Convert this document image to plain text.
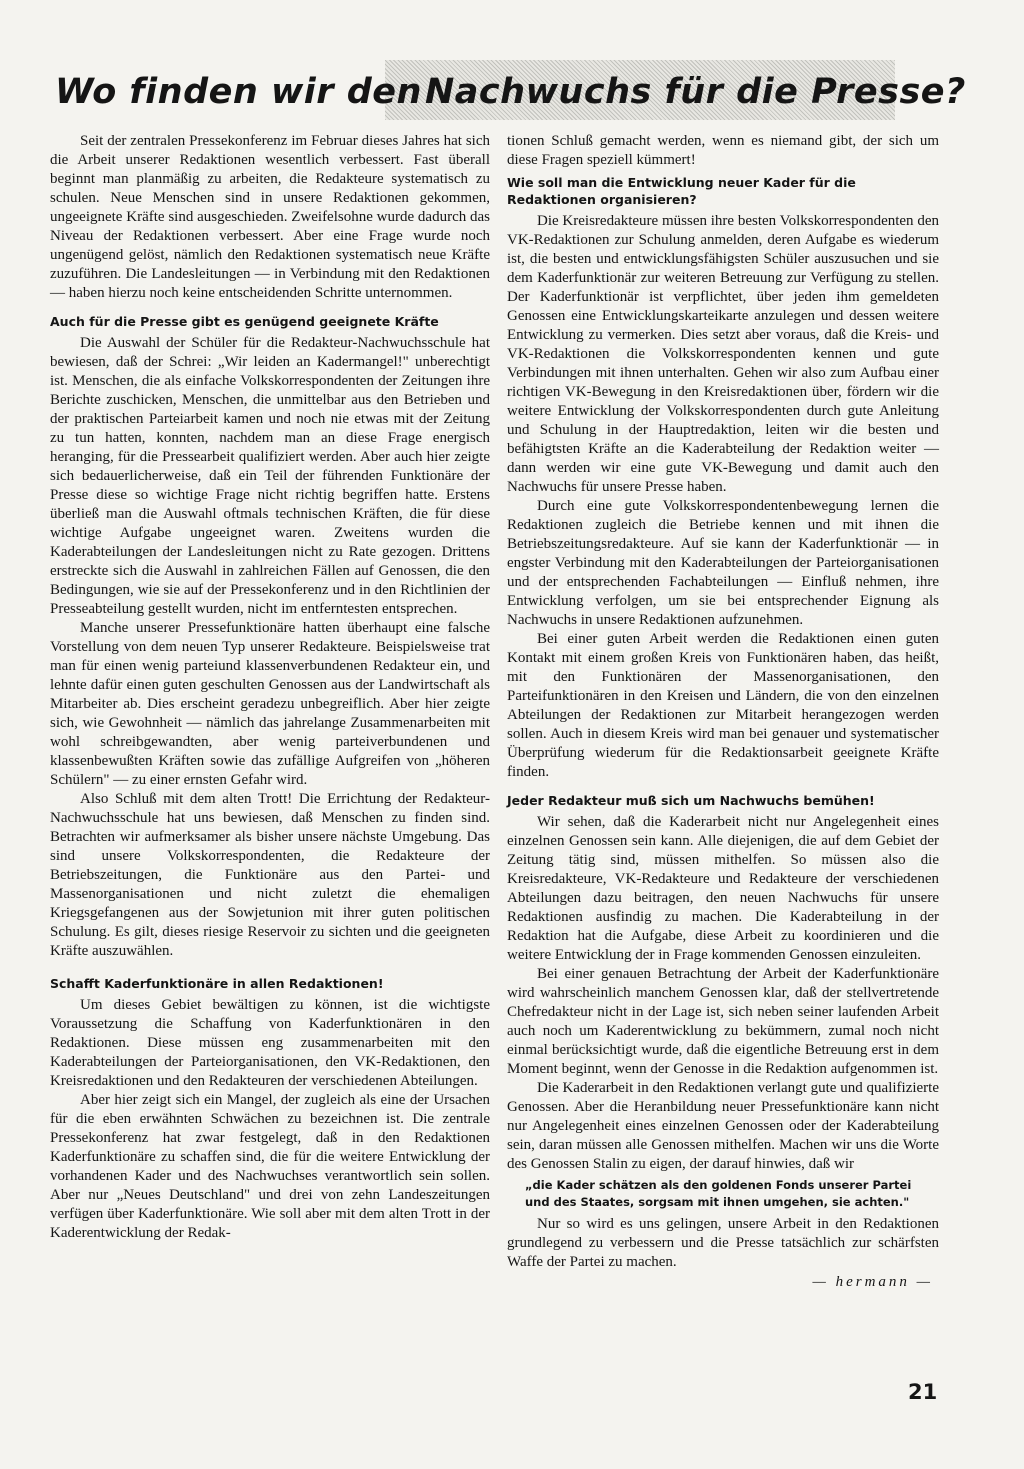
Wo finden wir den Nachwuchs für die Presse?

Seit der zentralen Pressekonferenz im Februar dieses Jahres hat sich die Arbeit unserer Redaktionen wesentlich verbessert. Fast überall beginnt man planmäßig zu arbeiten, die Redakteure systematisch zu schulen. Neue Menschen sind in unsere Redaktionen gekommen, ungeeignete Kräfte sind ausgeschieden. Zweifelsohne wurde dadurch das Niveau der Redaktionen verbessert. Aber eine Frage wurde noch ungenügend gelöst, nämlich den Redaktionen systematisch neue Kräfte zuzuführen. Die Landesleitungen — in Verbindung mit den Redaktionen — haben hierzu noch keine entscheidenden Schritte unternommen.

Auch für die Presse gibt es genügend geeignete Kräfte

Die Auswahl der Schüler für die Redakteur-Nachwuchsschule hat bewiesen, daß der Schrei: „Wir leiden an Kadermangel!" unberechtigt ist. Menschen, die als einfache Volkskorrespondenten der Zeitungen ihre Berichte zuschicken, Menschen, die unmittelbar aus den Betrieben und der praktischen Parteiarbeit kamen und noch nie etwas mit der Zeitung zu tun hatten, konnten, nachdem man an diese Frage energisch heranging, für die Pressearbeit qualifiziert werden. Aber auch hier zeigte sich bedauerlicherweise, daß ein Teil der führenden Funktionäre der Presse diese so wichtige Frage nicht richtig begriffen hatte. Erstens überließ man die Auswahl oftmals technischen Kräften, die für diese wichtige Aufgabe ungeeignet waren. Zweitens wurden die Kaderabteilungen der Landesleitungen nicht zu Rate gezogen. Drittens erstreckte sich die Auswahl in zahlreichen Fällen auf Genossen, die den Bedingungen, wie sie auf der Pressekonferenz und in den Richtlinien der Presseabteilung gestellt wurden, nicht im entferntesten entsprechen.

Manche unserer Pressefunktionäre hatten überhaupt eine falsche Vorstellung von dem neuen Typ unserer Redakteure. Beispielsweise trat man für einen wenig parteiund klassenverbundenen Redakteur ein, und lehnte dafür einen guten geschulten Genossen aus der Landwirtschaft als Mitarbeiter ab. Dies erscheint geradezu unbegreiflich. Aber hier zeigte sich, wie Gewohnheit — nämlich das jahrelange Zusammenarbeiten mit wohl schreibgewandten, aber wenig parteiverbundenen und klassenbewußten Kräften sowie das zufällige Aufgreifen von „höheren Schülern" — zu einer ernsten Gefahr wird.

Also Schluß mit dem alten Trott! Die Errichtung der Redakteur-Nachwuchsschule hat uns bewiesen, daß Menschen zu finden sind. Betrachten wir aufmerksamer als bisher unsere nächste Umgebung. Das sind unsere Volkskorrespondenten, die Redakteure der Betriebszeitungen, die Funktionäre aus den Partei- und Massenorganisationen und nicht zuletzt die ehemaligen Kriegsgefangenen aus der Sowjetunion mit ihrer guten politischen Schulung. Es gilt, dieses riesige Reservoir zu sichten und die geeigneten Kräfte auszuwählen.

Schafft Kaderfunktionäre in allen Redaktionen!

Um dieses Gebiet bewältigen zu können, ist die wichtigste Voraussetzung die Schaffung von Kaderfunktionären in den Redaktionen. Diese müssen eng zusammenarbeiten mit den Kaderabteilungen der Parteiorganisationen, den VK-Redaktionen, den Kreisredaktionen und den Redakteuren der verschiedenen Abteilungen.

Aber hier zeigt sich ein Mangel, der zugleich als eine der Ursachen für die eben erwähnten Schwächen zu bezeichnen ist. Die zentrale Pressekonferenz hat zwar festgelegt, daß in den Redaktionen Kaderfunktionäre zu schaffen sind, die für die weitere Entwicklung der vorhandenen Kader und des Nachwuchses verantwortlich sein sollen. Aber nur „Neues Deutschland" und drei von zehn Landeszeitungen verfügen über Kaderfunktionäre. Wie soll aber mit dem alten Trott in der Kaderentwicklung der Redak-

tionen Schluß gemacht werden, wenn es niemand gibt, der sich um diese Fragen speziell kümmert!

Wie soll man die Entwicklung neuer Kader für die Redaktionen organisieren?

Die Kreisredakteure müssen ihre besten Volkskorrespondenten den VK-Redaktionen zur Schulung anmelden, deren Aufgabe es wiederum ist, die besten und entwicklungsfähigsten Schüler auszusuchen und sie dem Kaderfunktionär zur weiteren Betreuung zur Verfügung zu stellen. Der Kaderfunktionär ist verpflichtet, über jeden ihm gemeldeten Genossen eine Entwicklungskarteikarte anzulegen und dessen weitere Entwicklung zu vermerken. Dies setzt aber voraus, daß die Kreis- und VK-Redaktionen die Volkskorrespondenten kennen und gute Verbindungen mit ihnen unterhalten. Gehen wir also zum Aufbau einer richtigen VK-Bewegung in den Kreisredaktionen über, fördern wir die weitere Entwicklung der Volkskorrespondenten durch gute Anleitung und Schulung in der Hauptredaktion, leiten wir die besten und befähigtsten Kräfte an die Kaderabteilung der Redaktion weiter — dann werden wir eine gute VK-Bewegung und damit auch den Nachwuchs für unsere Presse haben.

Durch eine gute Volkskorrespondentenbewegung lernen die Redaktionen zugleich die Betriebe kennen und mit ihnen die Betriebszeitungsredakteure. Auf sie kann der Kaderfunktionär — in engster Verbindung mit den Kaderabteilungen der Parteiorganisationen und der entsprechenden Fachabteilungen — Einfluß nehmen, ihre Entwicklung verfolgen, um sie bei entsprechender Eignung als Nachwuchs in unsere Redaktionen aufzunehmen.

Bei einer guten Arbeit werden die Redaktionen einen guten Kontakt mit einem großen Kreis von Funktionären haben, das heißt, mit den Funktionären der Massenorganisationen, den Parteifunktionären in den Kreisen und Ländern, die von den einzelnen Abteilungen der Redaktionen zur Mitarbeit herangezogen werden sollen. Auch in diesem Kreis wird man bei genauer und systematischer Überprüfung wiederum für die Redaktionsarbeit geeignete Kräfte finden.

Jeder Redakteur muß sich um Nachwuchs bemühen!

Wir sehen, daß die Kaderarbeit nicht nur Angelegenheit eines einzelnen Genossen sein kann. Alle diejenigen, die auf dem Gebiet der Zeitung tätig sind, müssen mithelfen. So müssen also die Kreisredakteure, VK-Redakteure und Redakteure der verschiedenen Abteilungen dazu beitragen, den neuen Nachwuchs für unsere Redaktionen ausfindig zu machen. Die Kaderabteilung in der Redaktion hat die Aufgabe, diese Arbeit zu koordinieren und die weitere Entwicklung der in Frage kommenden Genossen einzuleiten.

Bei einer genauen Betrachtung der Arbeit der Kaderfunktionäre wird wahrscheinlich manchem Genossen klar, daß der stellvertretende Chefredakteur nicht in der Lage ist, sich neben seiner laufenden Arbeit auch noch um Kaderentwicklung zu bekümmern, zumal noch nicht einmal berücksichtigt wurde, daß die eigentliche Betreuung erst in dem Moment beginnt, wenn der Genosse in die Redaktion aufgenommen ist.

Die Kaderarbeit in den Redaktionen verlangt gute und qualifizierte Genossen. Aber die Heranbildung neuer Pressefunktionäre kann nicht nur Angelegenheit eines einzelnen Genossen oder der Kaderabteilung sein, daran müssen alle Genossen mithelfen. Machen wir uns die Worte des Genossen Stalin zu eigen, der darauf hinwies, daß wir

„die Kader schätzen als den goldenen Fonds unserer Partei und des Staates, sorgsam mit ihnen umgehen, sie achten."

Nur so wird es uns gelingen, unsere Arbeit in den Redaktionen grundlegend zu verbessern und die Presse tatsächlich zur schärfsten Waffe der Partei zu machen.

— hermann —
21
